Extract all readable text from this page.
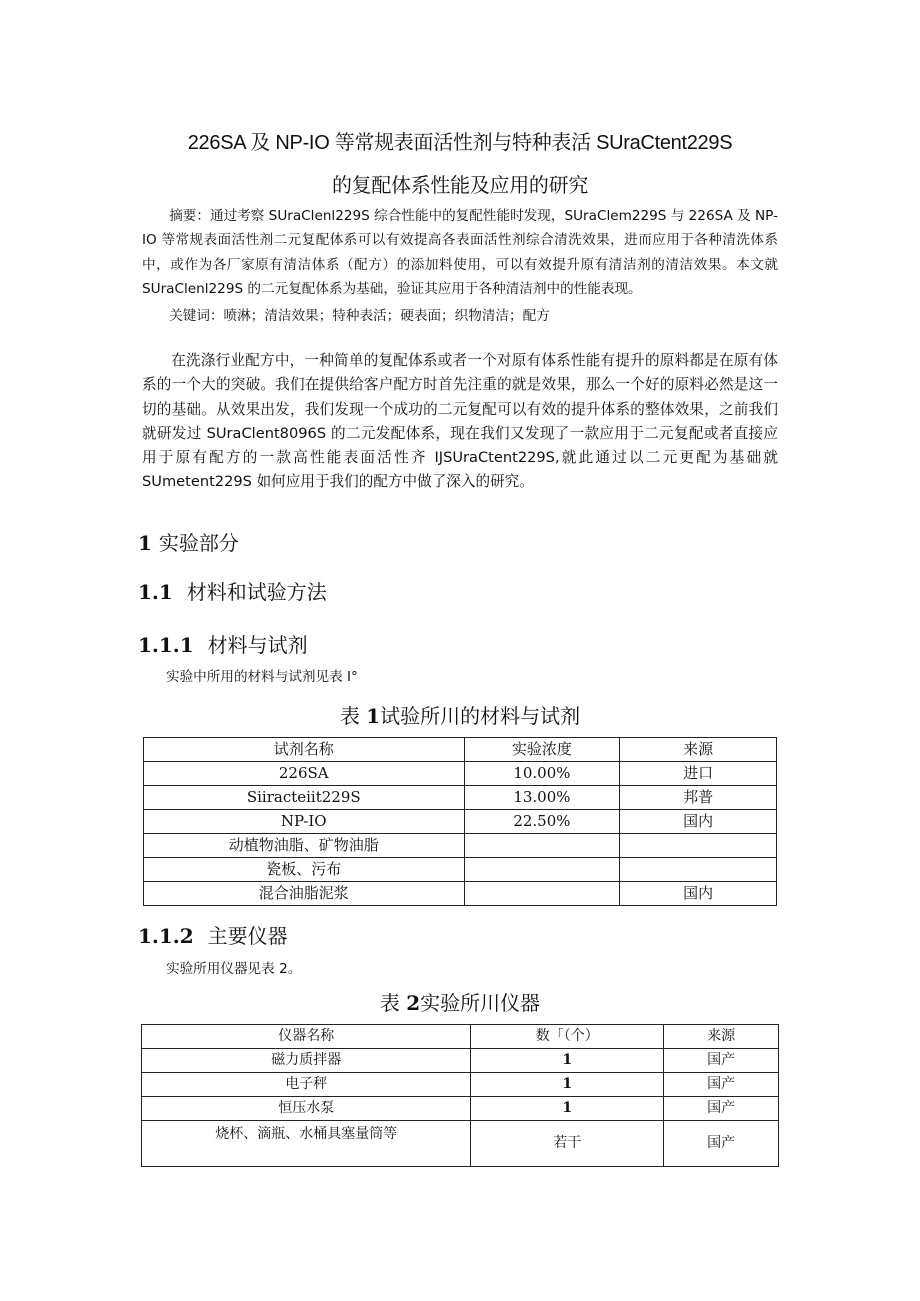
226SA 及 NP-IO 等常规表面活性剂与特种表活 SUraCtent229S
的复配体系性能及应用的研究
摘要：通过考察 SUraClenl229S 综合性能中的复配性能时发现，SUraClem229S 与 226SA 及 NP-IO 等常规表面活性剂二元复配体系可以有效提高各表面活性剂综合清洗效果，进而应用于各种清洗体系中，或作为各厂家原有清洁体系（配方）的添加料使用，可以有效提升原有清洁剂的清洁效果。本文就 SUraClenl229S 的二元复配体系为基础，验证其应用于各种清洁剂中的性能表现。
关键词：喷淋；清洁效果；特种表活；硬表面；织物清洁；配方
在洗涤行业配方中，一种简单的复配体系或者一个对原有体系性能有提升的原料都是在原有体系的一个大的突破。我们在提供给客户配方时首先注重的就是效果，那么一个好的原料必然是这一切的基础。从效果出发，我们发现一个成功的二元复配可以有效的提升体系的整体效果，之前我们就研发过 SUraClent8096S 的二元发配体系，现在我们又发现了一款应用于二元复配或者直接应用于原有配方的一款高性能表面活性齐 IJSUraCtent229S,就此通过以二元更配为基础就 SUmetent229S 如何应用于我们的配方中做了深入的研究。
1 实验部分
1.1 材料和试验方法
1.1.1 材料与试剂
实验中所用的材料与试剂见表 I°
表 1试验所川的材料与试剂
试剂名称	实验浓度	来源
226SA	10.00%	进口
Siiracteiit229S	13.00%	邦普
NP-IO	22.50%	国内
动植物油脂、矿物油脂		
瓷板、污布		
混合油脂泥浆		国内
1.1.2 主要仪器
实验所用仪器见表 2。
表 2实验所川仪器
仪器名称	数「（个）	来源
磁力质拌器	1	国产
电子秤	1	国产
恒压水泵	1	国产
烧杯、滴瓶、水桶具塞量筒等	若干	国产
